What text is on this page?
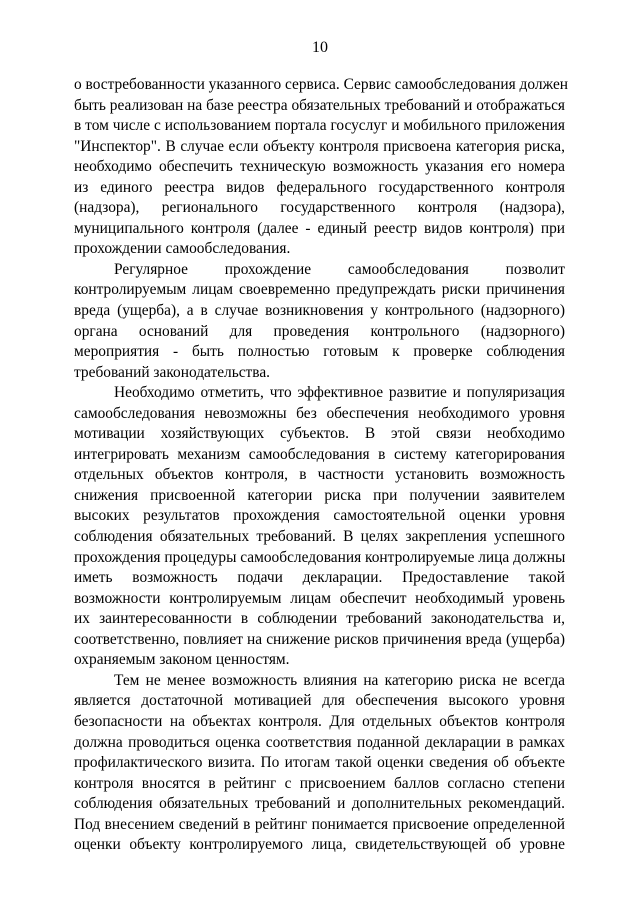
10
о востребованности указанного сервиса. Сервис самообследования должен
быть реализован на базе реестра обязательных требований и отображаться
в том числе с использованием портала госуслуг и мобильного приложения
"Инспектор". В случае если объекту контроля присвоена категория риска,
необходимо обеспечить техническую возможность указания его номера
из единого реестра видов федерального государственного контроля
(надзора), регионального государственного контроля (надзора),
муниципального контроля (далее - единый реестр видов контроля) при
прохождении самообследования.
Регулярное прохождение самообследования позволит
контролируемым лицам своевременно предупреждать риски причинения
вреда (ущерба), а в случае возникновения у контрольного (надзорного)
органа оснований для проведения контрольного (надзорного)
мероприятия - быть полностью готовым к проверке соблюдения
требований законодательства.
Необходимо отметить, что эффективное развитие и популяризация
самообследования невозможны без обеспечения необходимого уровня
мотивации хозяйствующих субъектов. В этой связи необходимо
интегрировать механизм самообследования в систему категорирования
отдельных объектов контроля, в частности установить возможность
снижения присвоенной категории риска при получении заявителем
высоких результатов прохождения самостоятельной оценки уровня
соблюдения обязательных требований. В целях закрепления успешного
прохождения процедуры самообследования контролируемые лица должны
иметь возможность подачи декларации. Предоставление такой
возможности контролируемым лицам обеспечит необходимый уровень
их заинтересованности в соблюдении требований законодательства и,
соответственно, повлияет на снижение рисков причинения вреда (ущерба)
охраняемым законом ценностям.
Тем не менее возможность влияния на категорию риска не всегда
является достаточной мотивацией для обеспечения высокого уровня
безопасности на объектах контроля. Для отдельных объектов контроля
должна проводиться оценка соответствия поданной декларации в рамках
профилактического визита. По итогам такой оценки сведения об объекте
контроля вносятся в рейтинг с присвоением баллов согласно степени
соблюдения обязательных требований и дополнительных рекомендаций.
Под внесением сведений в рейтинг понимается присвоение определенной
оценки объекту контролируемого лица, свидетельствующей об уровне
